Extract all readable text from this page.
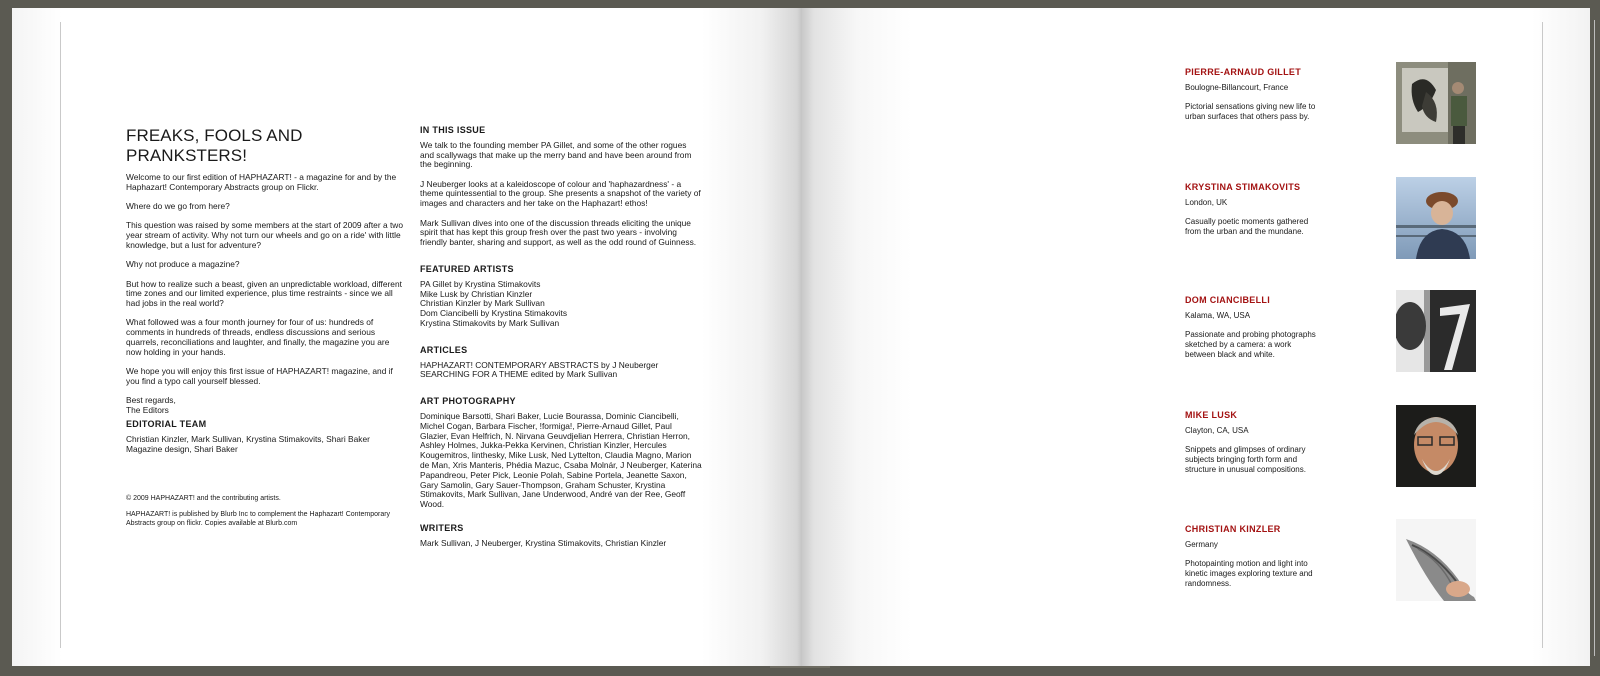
FREAKS, FOOLS AND PRANKSTERS!

Welcome to our first edition of HAPHAZART! - a magazine for and by the Haphazart! Contemporary Abstracts group on Flickr.

Where do we go from here?

This question was raised by some members at the start of 2009 after a two year stream of activity. Why not turn our wheels and go on a ride' with little knowledge, but a lust for adventure?

Why not produce a magazine?

But how to realize such a beast, given an unpredictable workload, different time zones and our limited experience, plus time restraints - since we all had jobs in the real world?

What followed was a four month journey for four of us: hundreds of comments in hundreds of threads, endless discussions and serious quarrels, reconciliations and laughter, and finally, the magazine you are now holding in your hands.

We hope you will enjoy this first issue of HAPHAZART! magazine, and if you find a typo call yourself blessed.

Best regards,
The Editors

EDITORIAL TEAM
Christian Kinzler, Mark Sullivan, Krystina Stimakovits, Shari Baker
Magazine design, Shari Baker

© 2009 HAPHAZART! and the contributing artists.

HAPHAZART! is published by Blurb Inc to complement the Haphazart! Contemporary Abstracts group on flickr. Copies available at Blurb.com

IN THIS ISSUE

We talk to the founding member PA Gillet, and some of the other rogues and scallywags that make up the merry band and have been around from the beginning.

J Neuberger looks at a kaleidoscope of colour and 'haphazardness' - a theme quintessential to the group. She presents a snapshot of the variety of images and characters and her take on the Haphazart! ethos!

Mark Sullivan dives into one of the discussion threads eliciting the unique spirit that has kept this group fresh over the past two years - involving friendly banter, sharing and support, as well as the odd round of Guinness.

FEATURED ARTISTS
PA Gillet by Krystina Stimakovits
Mike Lusk by Christian Kinzler
Christian Kinzler by Mark Sullivan
Dom Ciancibelli by Krystina Stimakovits
Krystina Stimakovits by Mark Sullivan
ARTICLES
HAPHAZART! CONTEMPORARY ABSTRACTS by J Neuberger
SEARCHING FOR A THEME edited by Mark Sullivan
ART PHOTOGRAPHY

Dominique Barsotti, Shari Baker, Lucie Bourassa, Dominic Ciancibelli, Michel Cogan, Barbara Fischer, !formiga!, Pierre-Arnaud Gillet, Paul Glazier, Evan Helfrich, N. Nirvana Geuvdjelian Herrera, Christian Herron, Ashley Holmes, Jukka-Pekka Kervinen, Christian Kinzler, Hercules Kougemitros, Iinthesky, Mike Lusk, Ned Lyttelton, Claudia Magno, Marion de Man, Xris Manteris, Phédia Mazuc, Csaba Molnár, J Neuberger, Katerina Papandreou, Peter Pick, Leonie Polah, Sabine Portela, Jeanette Saxon, Gary Samolin, Gary Sauer-Thompson, Graham Schuster, Krystina Stimakovits, Mark Sullivan, Jane Underwood, André van der Ree, Geoff Wood.

WRITERS
Mark Sullivan, J Neuberger, Krystina Stimakovits, Christian Kinzler
PIERRE-ARNAUD GILLET
Boulogne-Billancourt, France
Pictorial sensations giving new life to urban surfaces that others pass by.
KRYSTINA STIMAKOVITS
London, UK
Casually poetic moments gathered from the urban and the mundane.
DOM CIANCIBELLI
Kalama, WA, USA
Passionate and probing photographs sketched by a camera: a work between black and white.
MIKE LUSK
Clayton, CA, USA
Snippets and glimpses of ordinary subjects bringing forth form and structure in unusual compositions.
CHRISTIAN KINZLER
Germany
Photopainting motion and light into kinetic images exploring texture and randomness.
